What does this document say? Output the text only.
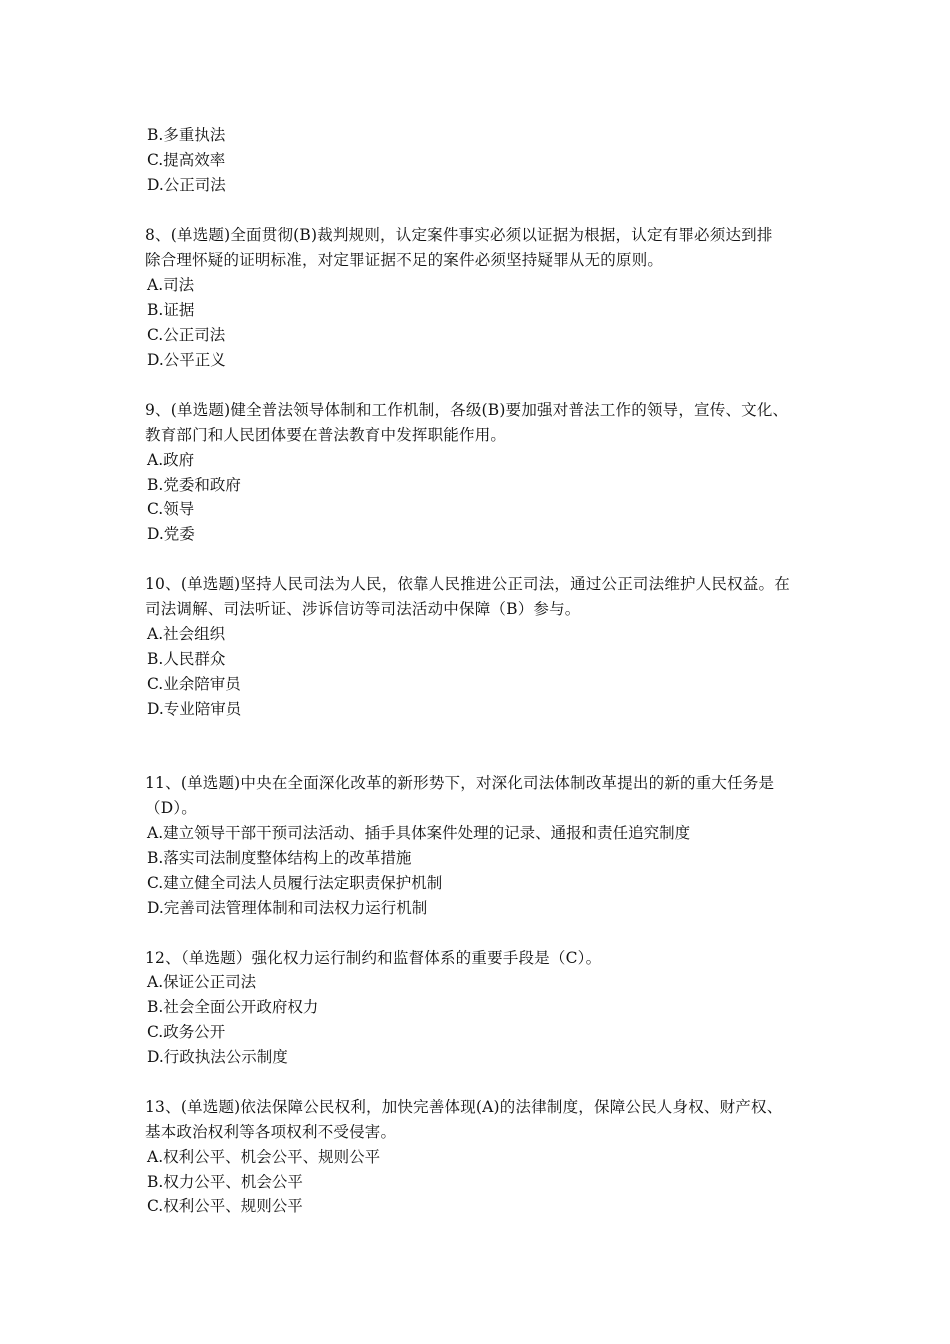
B.多重执法
C.提高效率
D.公正司法
8、(单选题)全面贯彻(B)裁判规则，认定案件事实必须以证据为根据，认定有罪必须达到排
除合理怀疑的证明标准，对定罪证据不足的案件必须坚持疑罪从无的原则。
A.司法
B.证据
C.公正司法
D.公平正义
9、(单选题)健全普法领导体制和工作机制，各级(B)要加强对普法工作的领导，宣传、文化、
教育部门和人民团体要在普法教育中发挥职能作用。
A.政府
B.党委和政府
C.领导
D.党委
10、(单选题)坚持人民司法为人民，依靠人民推进公正司法，通过公正司法维护人民权益。在
司法调解、司法听证、涉诉信访等司法活动中保障（B）参与。
A.社会组织
B.人民群众
C.业余陪审员
D.专业陪审员
11、(单选题)中央在全面深化改革的新形势下，对深化司法体制改革提出的新的重大任务是
（D）。
A.建立领导干部干预司法活动、插手具体案件处理的记录、通报和责任追究制度
B.落实司法制度整体结构上的改革措施
C.建立健全司法人员履行法定职责保护机制
D.完善司法管理体制和司法权力运行机制
12、（单选题）强化权力运行制约和监督体系的重要手段是（C）。
A.保证公正司法
B.社会全面公开政府权力
C.政务公开
D.行政执法公示制度
13、(单选题)依法保障公民权利，加快完善体现(A)的法律制度，保障公民人身权、财产权、
基本政治权利等各项权利不受侵害。
A.权利公平、机会公平、规则公平
B.权力公平、机会公平
C.权利公平、规则公平
